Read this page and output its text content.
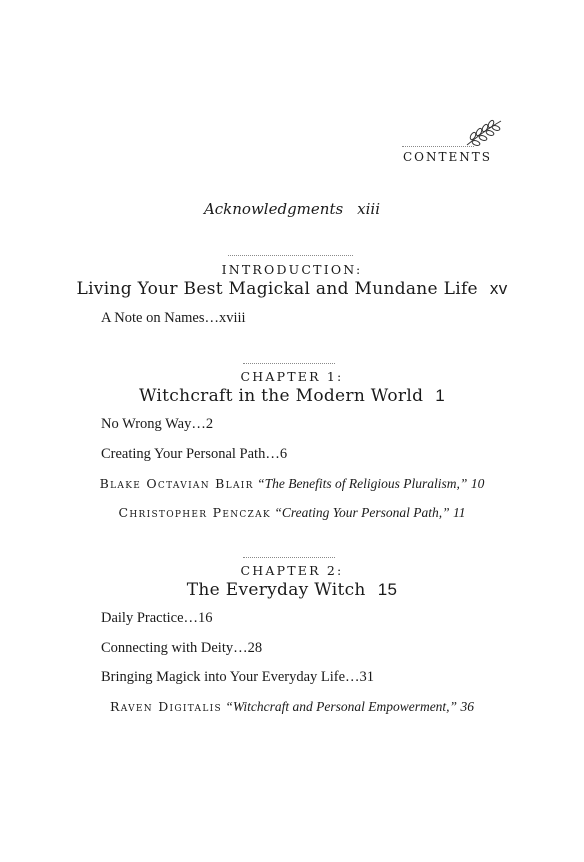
CONTENTS
Acknowledgments xiii
INTRODUCTION:
Living Your Best Magickal and Mundane Life xv
A Note on Names…xviii
CHAPTER 1:
Witchcraft in the Modern World 1
No Wrong Way…2
Creating Your Personal Path…6
Blake Octavian Blair “The Benefits of Religious Pluralism,” 10
Christopher Penczak “Creating Your Personal Path,” 11
CHAPTER 2:
The Everyday Witch 15
Daily Practice…16
Connecting with Deity…28
Bringing Magick into Your Everyday Life…31
Raven Digitalis “Witchcraft and Personal Empowerment,” 36
